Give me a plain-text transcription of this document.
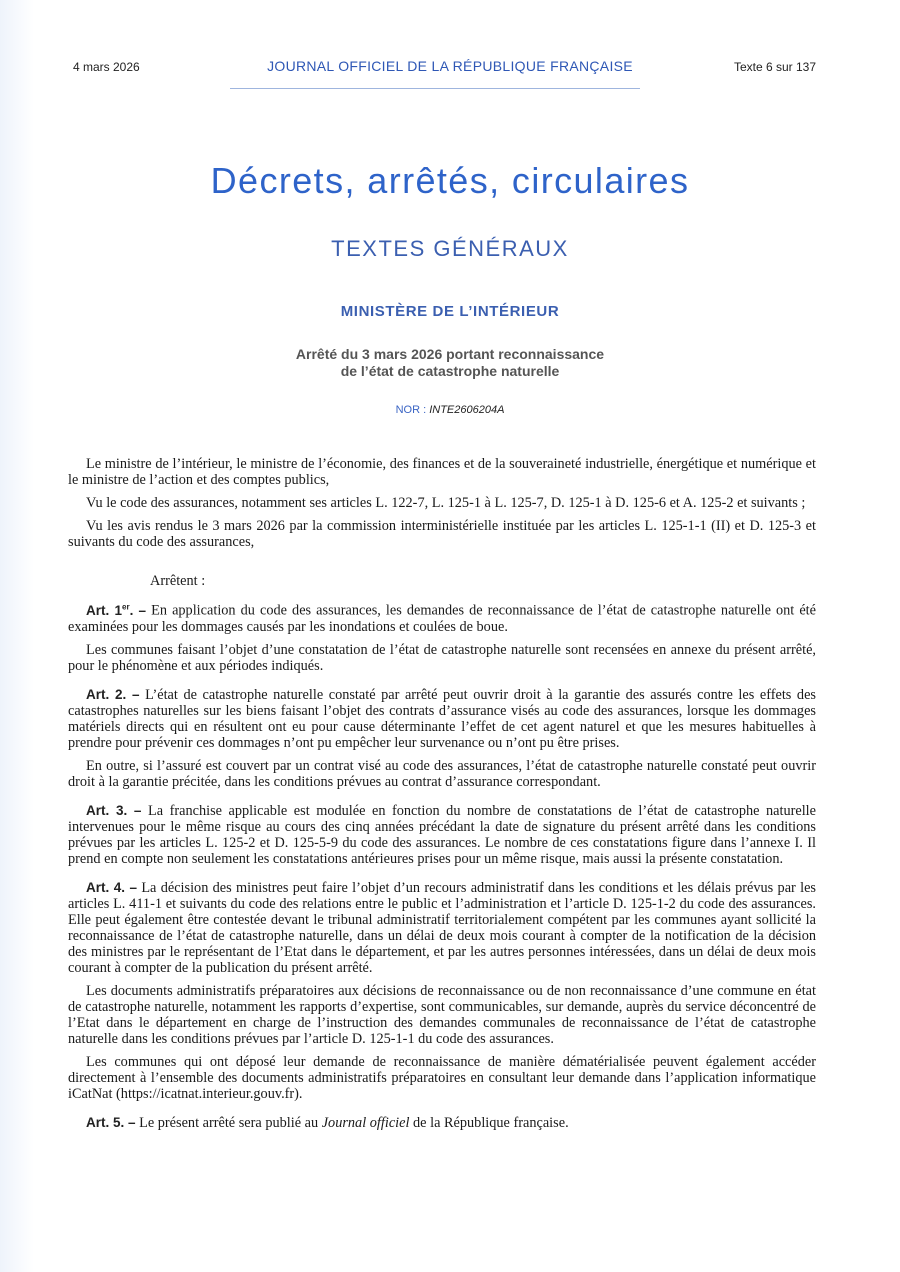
4 mars 2026	JOURNAL OFFICIEL DE LA RÉPUBLIQUE FRANÇAISE	Texte 6 sur 137
Décrets, arrêtés, circulaires
TEXTES GÉNÉRAUX
MINISTÈRE DE L’INTÉRIEUR
Arrêté du 3 mars 2026 portant reconnaissance
de l’état de catastrophe naturelle
NOR : INTE2606204A

Le ministre de l’intérieur, le ministre de l’économie, des finances et de la souveraineté industrielle, énergétique et numérique et le ministre de l’action et des comptes publics,

Vu le code des assurances, notamment ses articles L. 122-7, L. 125-1 à L. 125-7, D. 125-1 à D. 125-6 et A. 125-2 et suivants ;

Vu les avis rendus le 3 mars 2026 par la commission interministérielle instituée par les articles L. 125-1-1 (II) et D. 125-3 et suivants du code des assurances,

Arrêtent :

Art. 1er. – En application du code des assurances, les demandes de reconnaissance de l’état de catastrophe naturelle ont été examinées pour les dommages causés par les inondations et coulées de boue.

Les communes faisant l’objet d’une constatation de l’état de catastrophe naturelle sont recensées en annexe du présent arrêté, pour le phénomène et aux périodes indiqués.

Art. 2. – L’état de catastrophe naturelle constaté par arrêté peut ouvrir droit à la garantie des assurés contre les effets des catastrophes naturelles sur les biens faisant l’objet des contrats d’assurance visés au code des assurances, lorsque les dommages matériels directs qui en résultent ont eu pour cause déterminante l’effet de cet agent naturel et que les mesures habituelles à prendre pour prévenir ces dommages n’ont pu empêcher leur survenance ou n’ont pu être prises.

En outre, si l’assuré est couvert par un contrat visé au code des assurances, l’état de catastrophe naturelle constaté peut ouvrir droit à la garantie précitée, dans les conditions prévues au contrat d’assurance correspondant.

Art. 3. – La franchise applicable est modulée en fonction du nombre de constatations de l’état de catastrophe naturelle intervenues pour le même risque au cours des cinq années précédant la date de signature du présent arrêté dans les conditions prévues par les articles L. 125-2 et D. 125-5-9 du code des assurances. Le nombre de ces constatations figure dans l’annexe I. Il prend en compte non seulement les constatations antérieures prises pour un même risque, mais aussi la présente constatation.

Art. 4. – La décision des ministres peut faire l’objet d’un recours administratif dans les conditions et les délais prévus par les articles L. 411-1 et suivants du code des relations entre le public et l’administration et l’article D. 125-1-2 du code des assurances. Elle peut également être contestée devant le tribunal administratif territorialement compétent par les communes ayant sollicité la reconnaissance de l’état de catastrophe naturelle, dans un délai de deux mois courant à compter de la notification de la décision des ministres par le représentant de l’Etat dans le département, et par les autres personnes intéressées, dans un délai de deux mois courant à compter de la publication du présent arrêté.

Les documents administratifs préparatoires aux décisions de reconnaissance ou de non reconnaissance d’une commune en état de catastrophe naturelle, notamment les rapports d’expertise, sont communicables, sur demande, auprès du service déconcentré de l’Etat dans le département en charge de l’instruction des demandes communales de reconnaissance de l’état de catastrophe naturelle dans les conditions prévues par l’article D. 125-1-1 du code des assurances.

Les communes qui ont déposé leur demande de reconnaissance de manière dématérialisée peuvent également accéder directement à l’ensemble des documents administratifs préparatoires en consultant leur demande dans l’application informatique iCatNat (https://icatnat.interieur.gouv.fr).

Art. 5. – Le présent arrêté sera publié au Journal officiel de la République française.
